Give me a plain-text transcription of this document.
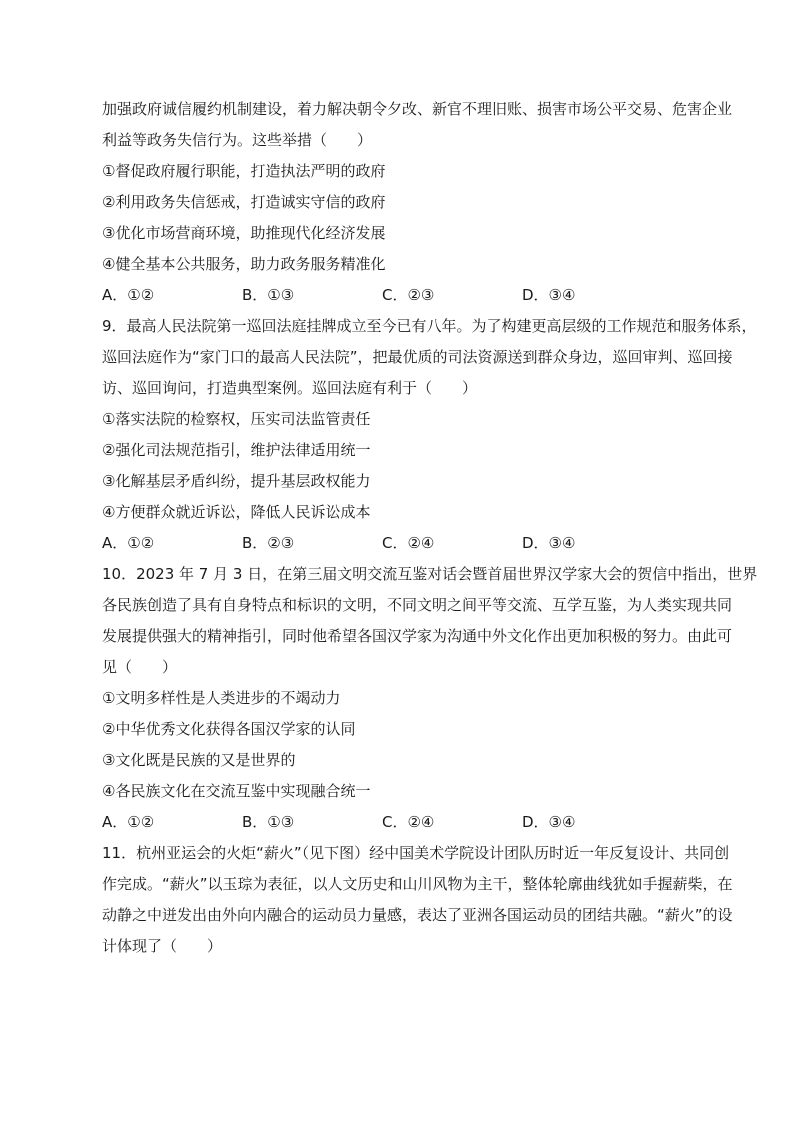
加强政府诚信履约机制建设，着力解决朝令夕改、新官不理旧账、损害市场公平交易、危害企业
利益等政务失信行为。这些举措（　　）
①督促政府履行职能，打造执法严明的政府
②利用政务失信惩戒，打造诚实守信的政府
③优化市场营商环境，助推现代化经济发展
④健全基本公共服务，助力政务服务精准化
A．①②	B．①③	C．②③	D．③④
9．最高人民法院第一巡回法庭挂牌成立至今已有八年。为了构建更高层级的工作规范和服务体系，
巡回法庭作为“家门口的最高人民法院”，把最优质的司法资源送到群众身边，巡回审判、巡回接
访、巡回询问，打造典型案例。巡回法庭有利于（　　）
①落实法院的检察权，压实司法监管责任
②强化司法规范指引，维护法律适用统一
③化解基层矛盾纠纷，提升基层政权能力
④方便群众就近诉讼，降低人民诉讼成本
A．①②	B．②③	C．②④	D．③④
10．2023 年 7 月 3 日，在第三届文明交流互鉴对话会暨首届世界汉学家大会的贺信中指出，世界
各民族创造了具有自身特点和标识的文明，不同文明之间平等交流、互学互鉴，为人类实现共同
发展提供强大的精神指引，同时他希望各国汉学家为沟通中外文化作出更加积极的努力。由此可
见（　　）
①文明多样性是人类进步的不竭动力
②中华优秀文化获得各国汉学家的认同
③文化既是民族的又是世界的
④各民族文化在交流互鉴中实现融合统一
A．①②	B．①③	C．②④	D．③④
11．杭州亚运会的火炬“薪火”（见下图）经中国美术学院设计团队历时近一年反复设计、共同创
作完成。“薪火”以玉琮为表征，以人文历史和山川风物为主干，整体轮廓曲线犹如手握薪柴，在
动静之中迸发出由外向内融合的运动员力量感，表达了亚洲各国运动员的团结共融。“薪火”的设
计体现了（　　）
